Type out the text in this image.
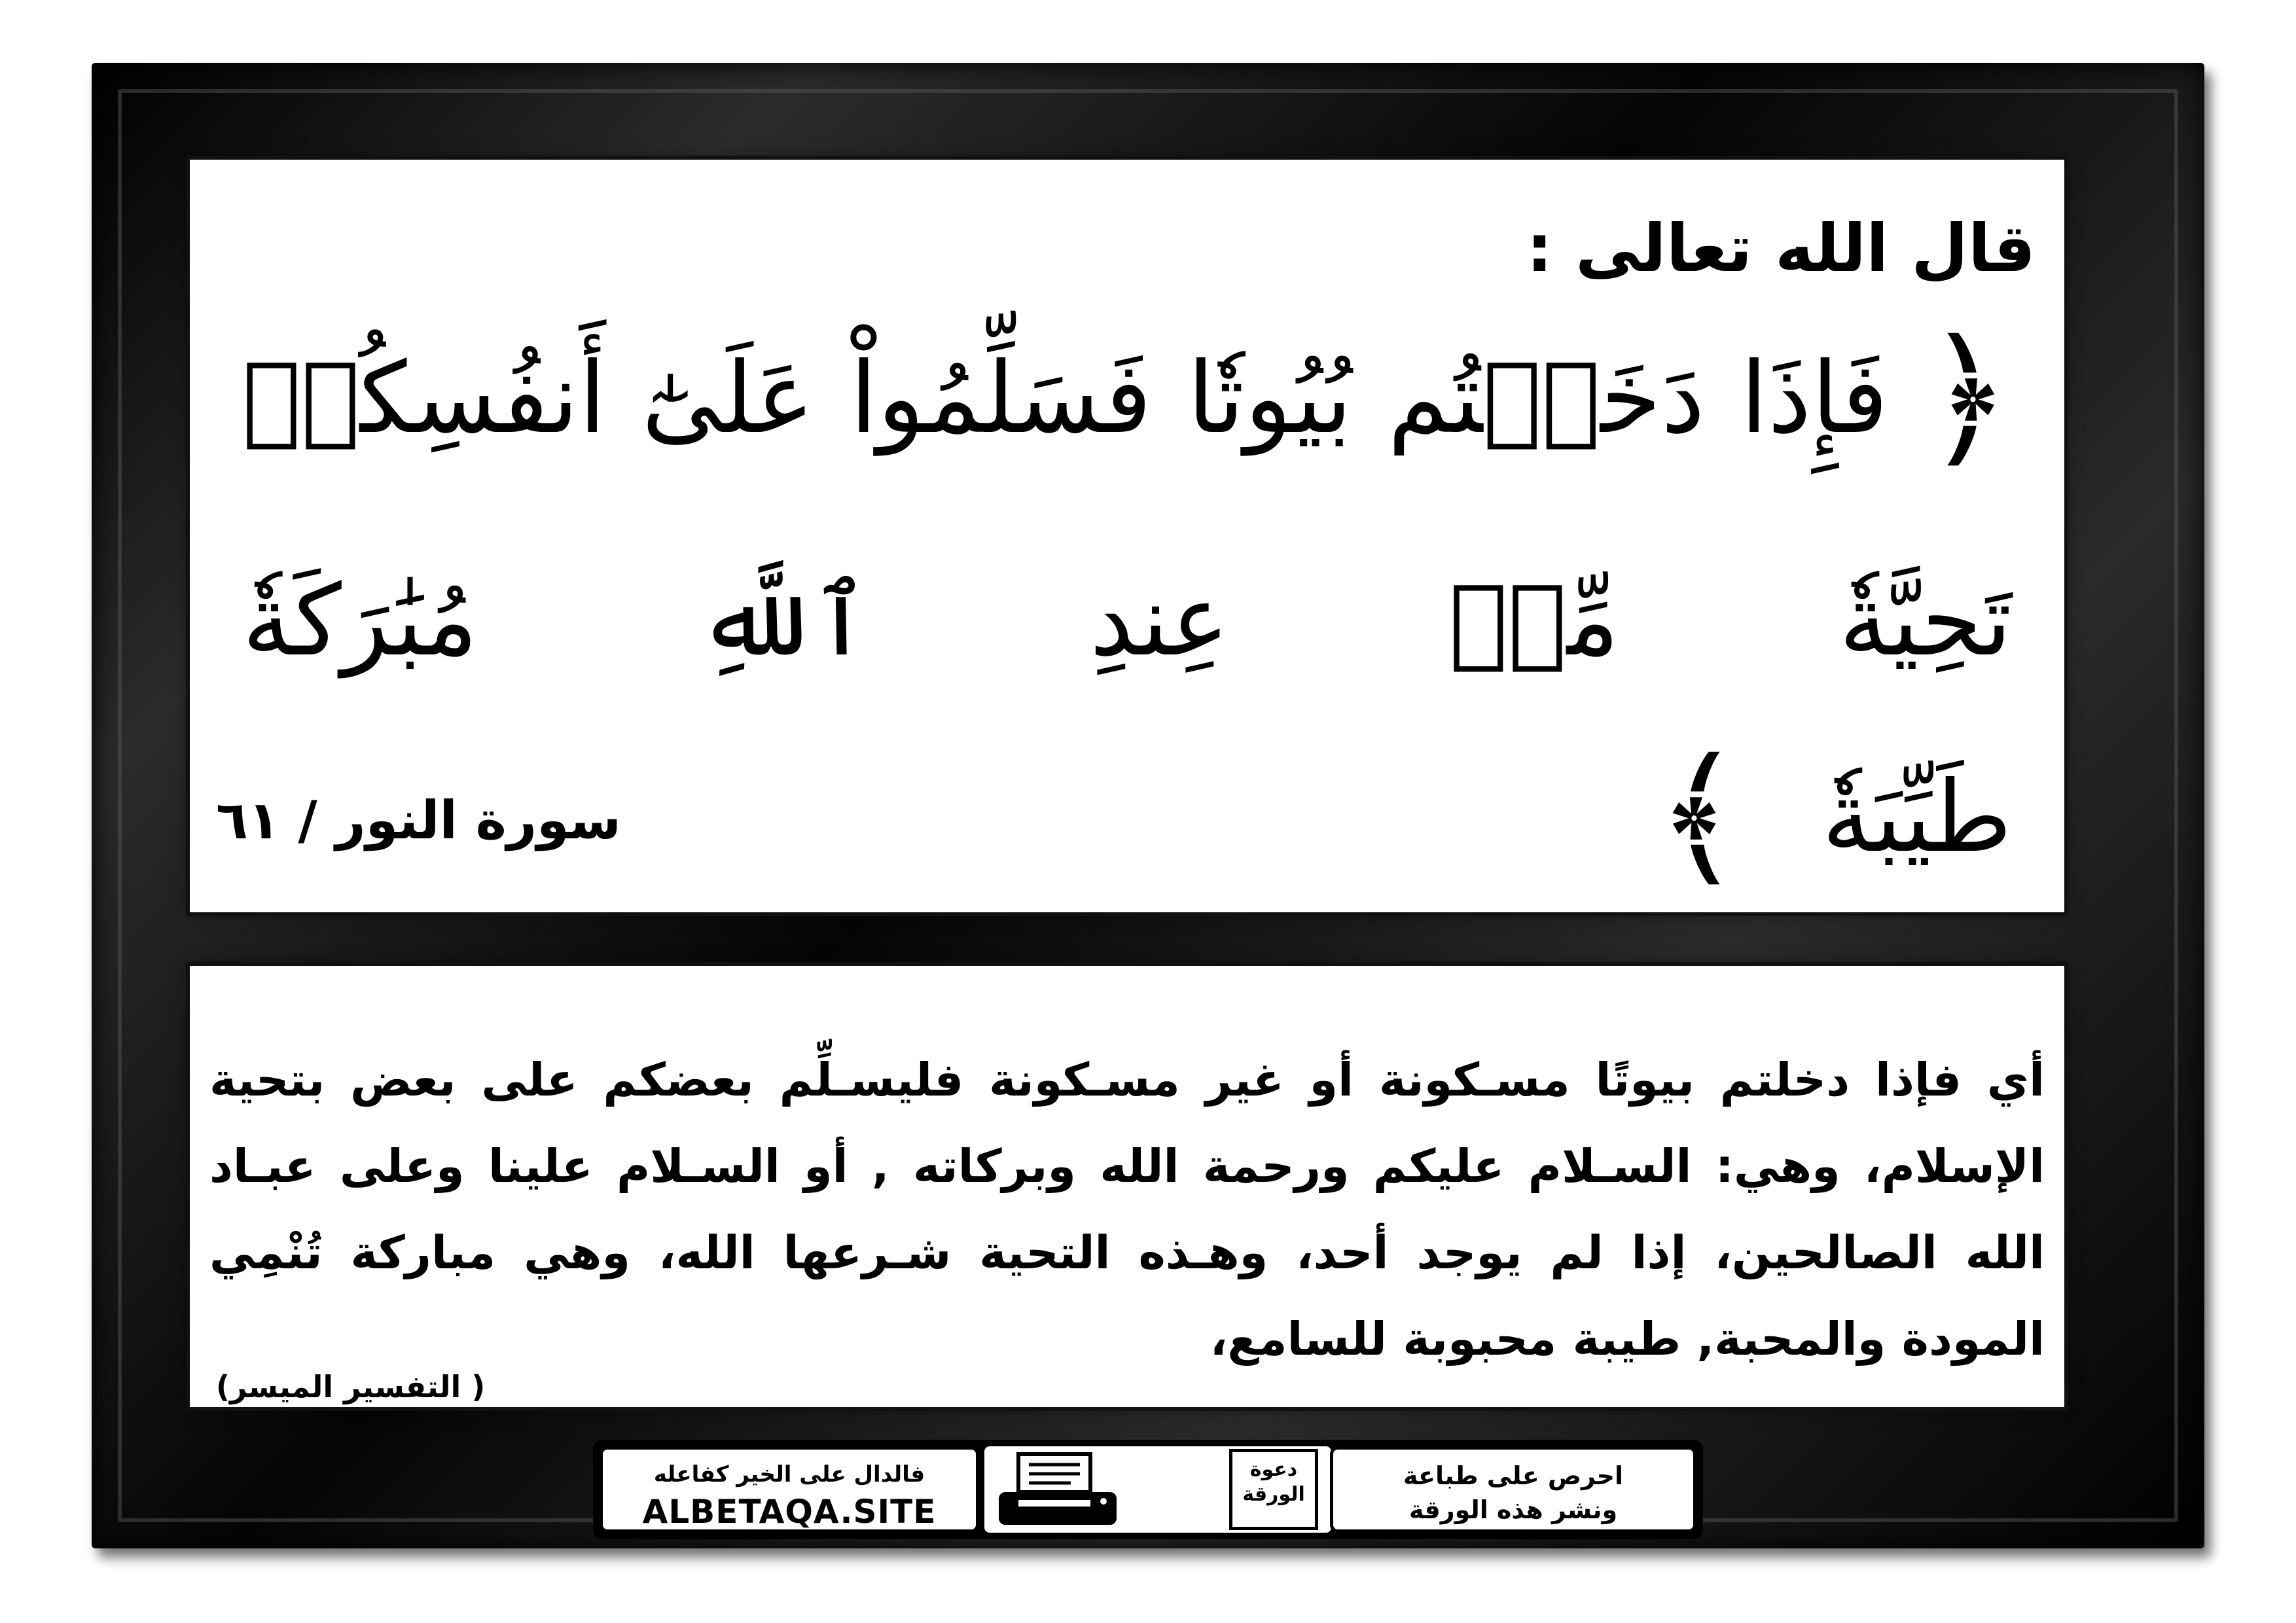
قال الله تعالى :
﴿
فَإِذَا
دَخَلۡتُم
بُيُوتٗا
فَسَلِّمُواْ
عَلَىٰٓ
أَنفُسِكُمۡ
تَحِيَّةٗ
مِّنۡ
عِندِ
ٱللَّهِ
مُبَٰرَكَةٗ
طَيِّبَةٗ
﴾
سورة النور / ٦١
أي فإذا دخلتم بيوتًا مسـكونة أو غير مسـكونة فليسـلِّم بعضكم على بعض بتحية الإسلام، وهي: السـلام عليكم ورحمة الله وبركاته , أو السـلام علينا وعلى عبـاد الله الصالحين، إذا لم يوجد أحد، وهـذه التحية شـرعها الله، وهي مباركة تُنْمِي المودة والمحبة, طيبة محبوبة للسامع،
( التفسير الميسر)
فالدال على الخير كفاعله
ALBETAQA.SITE
دعوة
الورقة
احرص على طباعة
ونشر هذه الورقة
